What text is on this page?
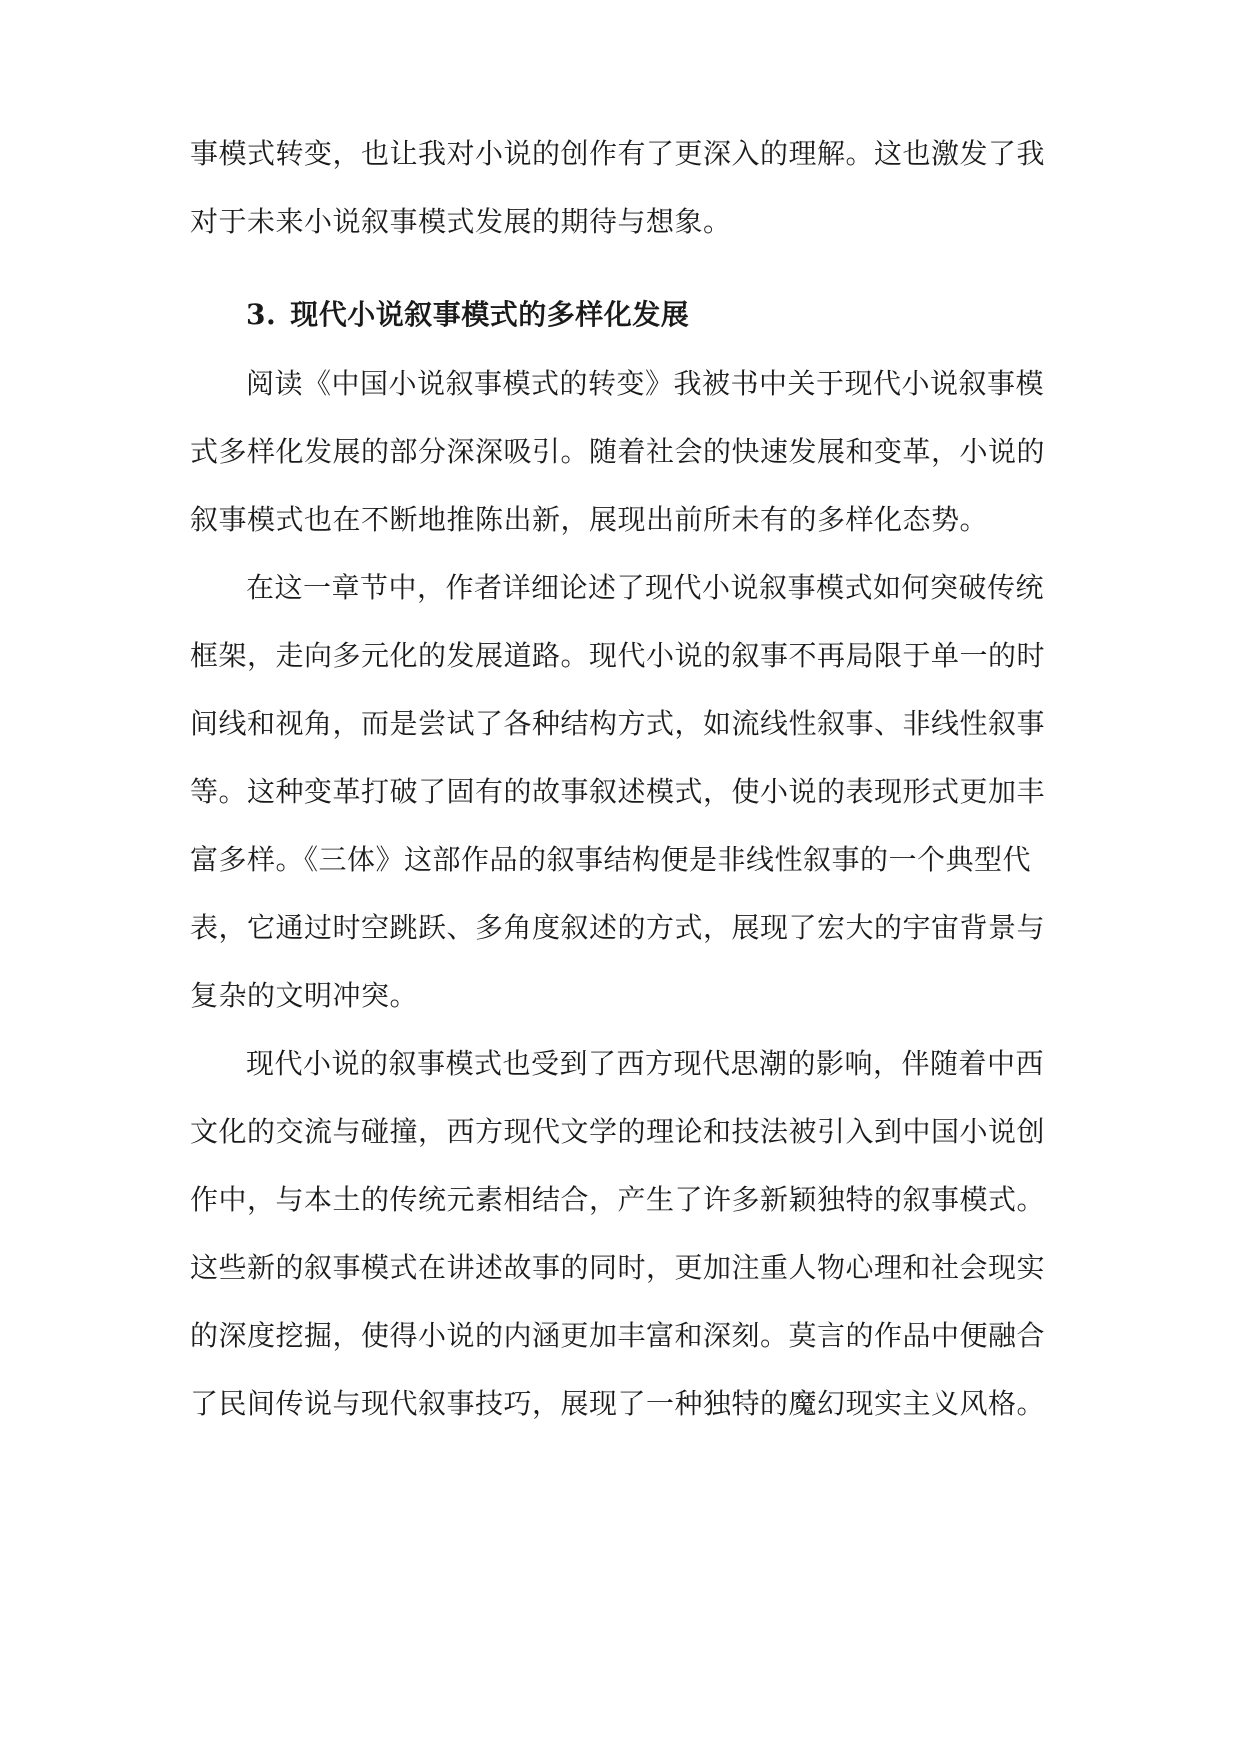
事模式转变，也让我对小说的创作有了更深入的理解。这也激发了我
对于未来小说叙事模式发展的期待与想象。
3. 现代小说叙事模式的多样化发展
阅读《中国小说叙事模式的转变》我被书中关于现代小说叙事模
式多样化发展的部分深深吸引。随着社会的快速发展和变革，小说的
叙事模式也在不断地推陈出新，展现出前所未有的多样化态势。
在这一章节中，作者详细论述了现代小说叙事模式如何突破传统
框架，走向多元化的发展道路。现代小说的叙事不再局限于单一的时
间线和视角，而是尝试了各种结构方式，如流线性叙事、非线性叙事
等。这种变革打破了固有的故事叙述模式，使小说的表现形式更加丰
富多样。《三体》这部作品的叙事结构便是非线性叙事的一个典型代
表，它通过时空跳跃、多角度叙述的方式，展现了宏大的宇宙背景与
复杂的文明冲突。
现代小说的叙事模式也受到了西方现代思潮的影响，伴随着中西
文化的交流与碰撞，西方现代文学的理论和技法被引入到中国小说创
作中，与本土的传统元素相结合，产生了许多新颖独特的叙事模式。
这些新的叙事模式在讲述故事的同时，更加注重人物心理和社会现实
的深度挖掘，使得小说的内涵更加丰富和深刻。莫言的作品中便融合
了民间传说与现代叙事技巧，展现了一种独特的魔幻现实主义风格。
